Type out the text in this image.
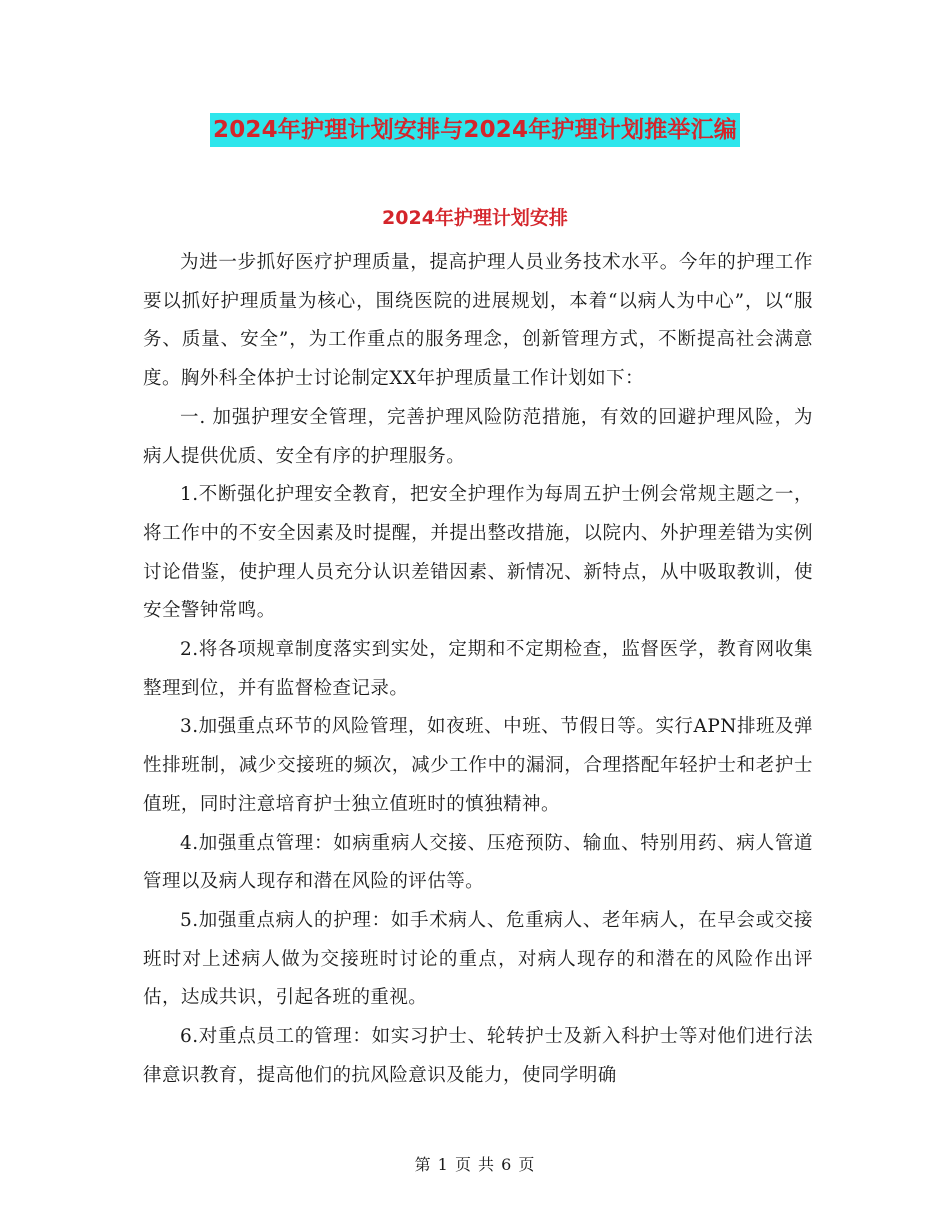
2024年护理计划安排与2024年护理计划推举汇编
2024年护理计划安排

为进一步抓好医疗护理质量，提高护理人员业务技术水平。今年的护理工作要以抓好护理质量为核心，围绕医院的进展规划，本着“以病人为中心”，以“服务、质量、安全”，为工作重点的服务理念，创新管理方式，不断提高社会满意度。胸外科全体护士讨论制定XX年护理质量工作计划如下：

一. 加强护理安全管理，完善护理风险防范措施，有效的回避护理风险，为病人提供优质、安全有序的护理服务。

1.不断强化护理安全教育，把安全护理作为每周五护士例会常规主题之一，将工作中的不安全因素及时提醒，并提出整改措施，以院内、外护理差错为实例讨论借鉴，使护理人员充分认识差错因素、新情况、新特点，从中吸取教训，使安全警钟常鸣。

2.将各项规章制度落实到实处，定期和不定期检查，监督医学，教育网收集整理到位，并有监督检查记录。

3.加强重点环节的风险管理，如夜班、中班、节假日等。实行APN排班及弹性排班制，减少交接班的频次，减少工作中的漏洞，合理搭配年轻护士和老护士值班，同时注意培育护士独立值班时的慎独精神。

4.加强重点管理：如病重病人交接、压疮预防、输血、特别用药、病人管道管理以及病人现存和潜在风险的评估等。

5.加强重点病人的护理：如手术病人、危重病人、老年病人，在早会或交接班时对上述病人做为交接班时讨论的重点，对病人现存的和潜在的风险作出评估，达成共识，引起各班的重视。

6.对重点员工的管理：如实习护士、轮转护士及新入科护士等对他们进行法律意识教育，提高他们的抗风险意识及能力，使同学明确

第 1 页 共 6 页
